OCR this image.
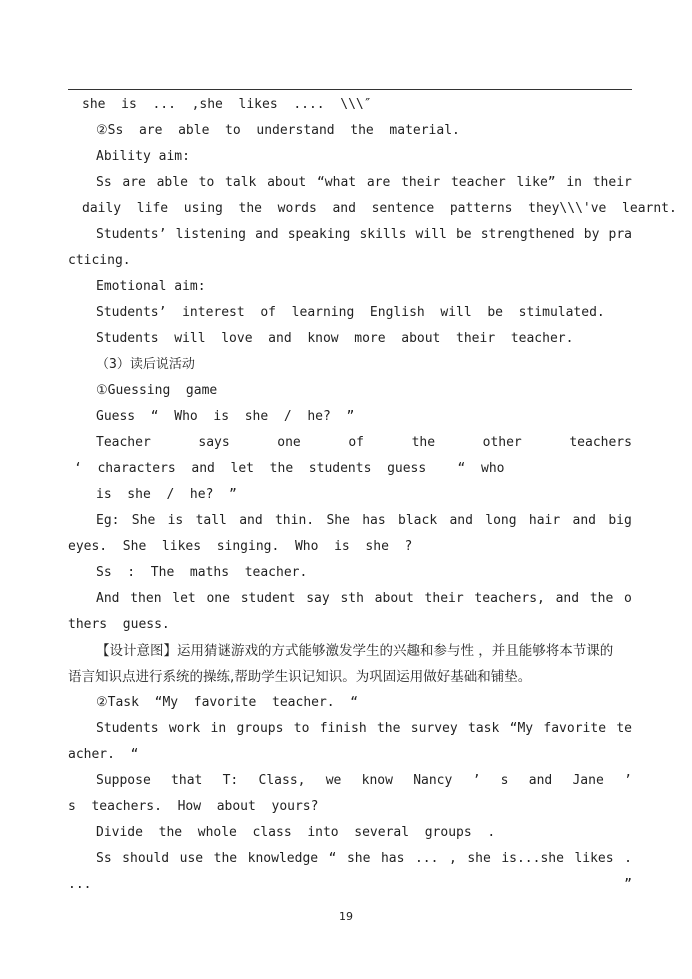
she  is  ...  ,she  likes  ....  \\\″
②Ss  are  able  to  understand  the  material.
Ability aim:
Ss are able to talk about “what are their teacher like” in their
daily  life  using  the  words  and  sentence  patterns  they\\\'ve  learnt.
Students’ listening and speaking skills will be strengthened by pra
cticing.
Emotional aim:
Students’  interest  of  learning  English  will  be  stimulated.
Students  will  love  and  know  more  about  their  teacher.
（3）读后说活动
①Guessing  game
Guess  “  Who  is  she  /  he?  ”
Teacher	says	one	of	the	other	teachers
‘  characters  and  let  the  students  guess    “  who
is  she  /  he?  ”
Eg: She is tall and thin. She has black and long hair and big
eyes.  She  likes  singing.  Who  is  she  ?
Ss  :  The  maths  teacher.
And then let one student say sth about their teachers, and the o
thers  guess.
【设计意图】运用猜谜游戏的方式能够激发学生的兴趣和参与性 ，并且能够将本节课的
语言知识点进行系统的操练,帮助学生识记知识。为巩固运用做好基础和铺垫。
②Task  “My  favorite  teacher.  “
Students work in groups to finish the survey task “My favorite te
acher.  “
Suppose that T: Class, we know Nancy ’ s and Jane ’
s  teachers.  How  about  yours?
Divide  the  whole  class  into  several  groups  .
Ss should use the knowledge “ she has ... , she is...she likes .
...	”
19
